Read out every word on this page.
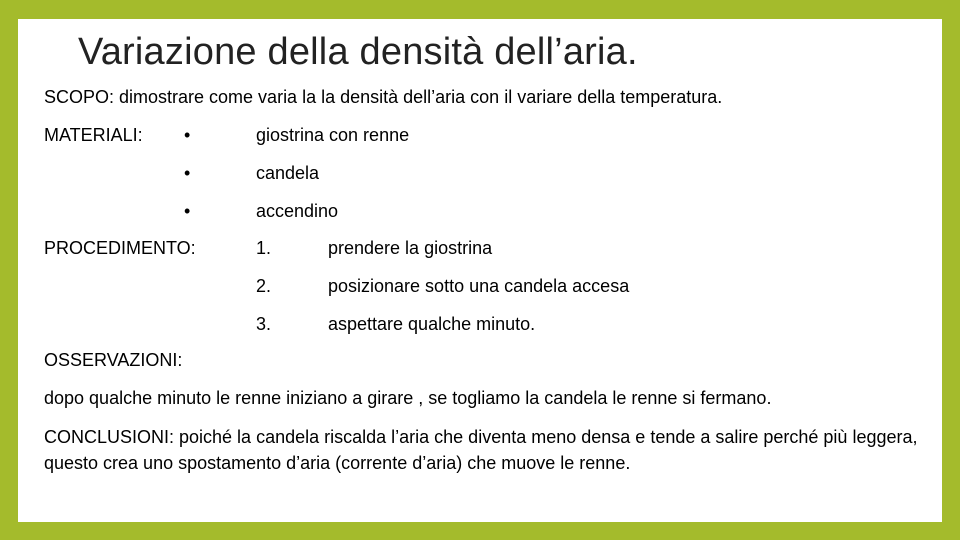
Variazione della densità dell’aria.
SCOPO: dimostrare come varia la la densità dell’aria con il variare della temperatura.
MATERIALI: •	giostrina con renne
•	candela
•	accendino
PROCEDIMENTO:	1.	prendere la giostrina
2.	posizionare sotto una candela accesa
3.	aspettare qualche minuto.
OSSERVAZIONI:
dopo qualche minuto le renne iniziano a girare , se togliamo la candela le renne si fermano.
CONCLUSIONI: poiché la candela riscalda l’aria che diventa meno densa e tende a salire perché più leggera, questo crea uno spostamento d’aria (corrente d’aria) che muove le renne.
